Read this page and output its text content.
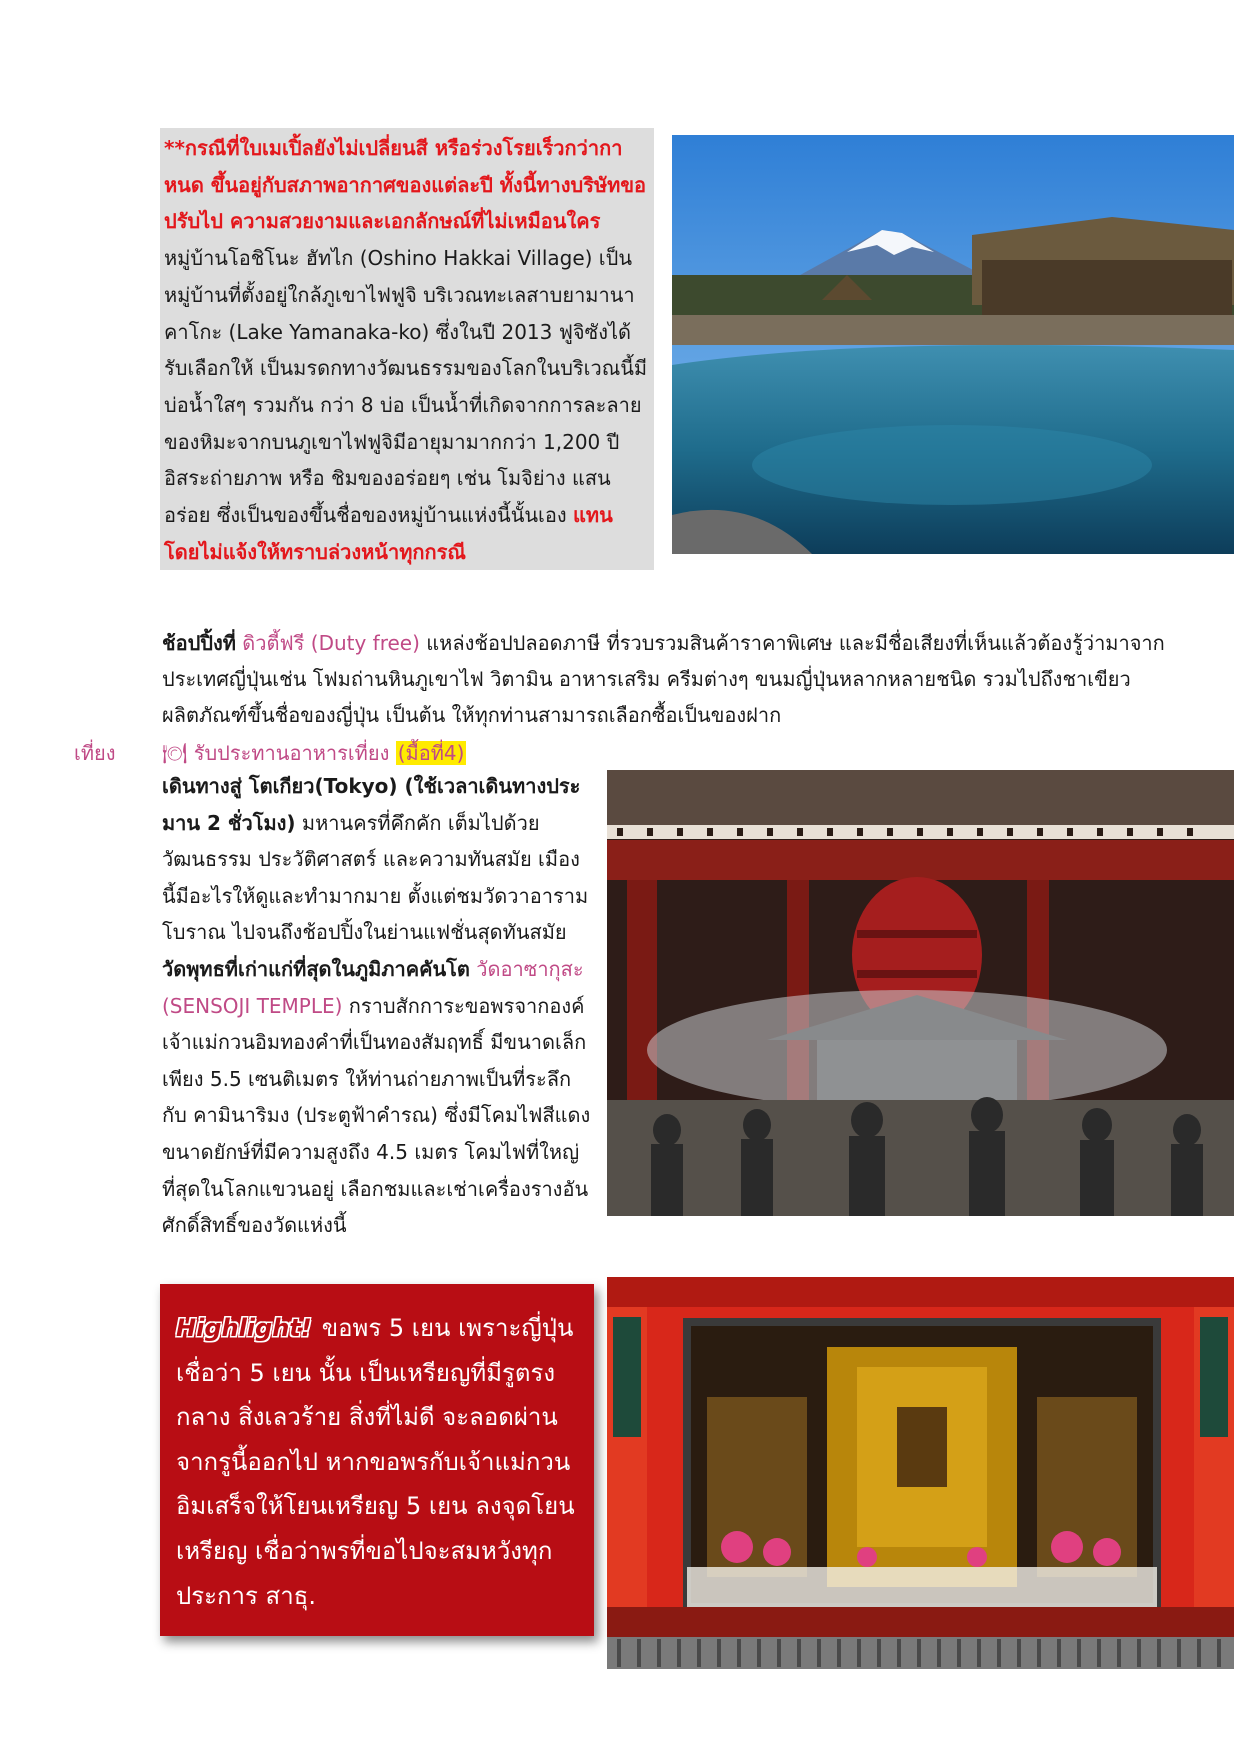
**กรณีที่ใบเมเปิ้ลยังไม่เปลี่ยนสี หรือร่วงโรยเร็วกว่ากาหนด ขึ้นอยู่กับสภาพอากาศของแต่ละปี ทั้งนี้ทางบริษัทขอปรับไป ความสวยงามและเอกลักษณ์ที่ไม่เหมือนใคร หมู่บ้านโอชิโนะ ฮัทไก (Oshino Hakkai Village) เป็นหมู่บ้านที่ตั้งอยู่ใกล้ภูเขาไฟฟูจิ บริเวณทะเลสาบยามานาคาโกะ (Lake Yamanaka-ko) ซึ่งในปี 2013 ฟูจิซังได้รับเลือกให้ เป็นมรดกทางวัฒนธรรมของโลกในบริเวณนี้มีบ่อน้ำใสๆ รวมกัน กว่า 8 บ่อ เป็นน้ำที่เกิดจากการละลายของหิมะจากบนภูเขาไฟฟูจิมีอายุมามากกว่า 1,200 ปี อิสระถ่ายภาพ หรือ ชิมของอร่อยๆ เช่น โมจิย่าง แสนอร่อย ซึ่งเป็นของขึ้นชื่อของหมู่บ้านแห่งนี้นั้นเอง แทน โดยไม่แจ้งให้ทราบล่วงหน้าทุกกรณี
ช้อปปิ้งที่ ดิวตี้ฟรี (Duty free) แหล่งช้อปปลอดภาษี ที่รวบรวมสินค้าราคาพิเศษ และมีชื่อเสียงที่เห็นแล้วต้องรู้ว่ามาจากประเทศญี่ปุ่นเช่น โฟมถ่านหินภูเขาไฟ วิตามิน อาหารเสริม ครีมต่างๆ ขนมญี่ปุ่นหลากหลายชนิด รวมไปถึงชาเขียว ผลิตภัณฑ์ขึ้นชื่อของญี่ปุ่น เป็นต้น ให้ทุกท่านสามารถเลือกซื้อเป็นของฝาก
เที่ยง 🍽 รับประทานอาหารเที่ยง (มื้อที่4)
เดินทางสู่ โตเกียว(Tokyo) (ใช้เวลาเดินทางประมาน 2 ชั่วโมง) มหานครที่คึกคัก เต็มไปด้วยวัฒนธรรม ประวัติศาสตร์ และความทันสมัย เมืองนี้มีอะไรให้ดูและทำมากมาย ตั้งแต่ชมวัดวาอารามโบราณ ไปจนถึงช้อปปิ้งในย่านแฟชั่นสุดทันสมัย วัดพุทธที่เก่าแก่ที่สุดในภูมิภาคคันโต วัดอาซากุสะ (SENSOJI TEMPLE) กราบสักการะขอพรจากองค์ เจ้าแม่กวนอิมทองคำที่เป็นทองสัมฤทธิ์ มีขนาดเล็กเพียง 5.5 เซนติเมตร ให้ท่านถ่ายภาพเป็นที่ระลึกกับ คามินาริมง (ประตูฟ้าคำรณ) ซึ่งมีโคมไฟสีแดงขนาดยักษ์ที่มีความสูงถึง 4.5 เมตร โคมไฟที่ใหญ่ที่สุดในโลกแขวนอยู่ เลือกชมและเช่าเครื่องรางอันศักดิ์สิทธิ์ของวัดแห่งนี้
Highlight! ขอพร 5 เยน เพราะญี่ปุ่นเชื่อว่า 5 เยน นั้น เป็นเหรียญที่มีรูตรงกลาง สิ่งเลวร้าย สิ่งที่ไม่ดี จะลอดผ่านจากรูนี้ออกไป หากขอพรกับเจ้าแม่กวนอิมเสร็จให้โยนเหรียญ 5 เยน ลงจุดโยนเหรียญ เชื่อว่าพรที่ขอไปจะสมหวังทุกประการ สาธุ.
